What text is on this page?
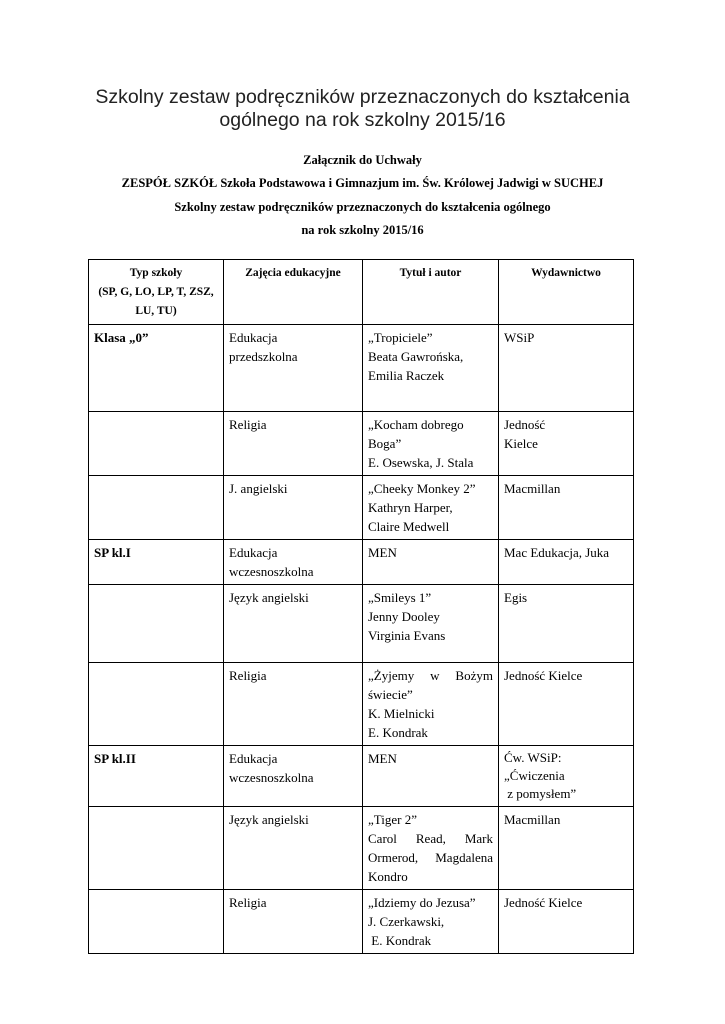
Szkolny zestaw podręczników przeznaczonych do kształcenia
ogólnego na rok szkolny 2015/16
Załącznik do Uchwały
ZESPÓŁ SZKÓŁ Szkoła Podstawowa i Gimnazjum im. Św. Królowej Jadwigi w SUCHEJ
Szkolny zestaw podręczników przeznaczonych do kształcenia ogólnego
na rok szkolny 2015/16
Typ szkoły
(SP, G, LO, LP, T, ZSZ,
LU, TU)	Zajęcia edukacyjne	Tytuł i autor	Wydawnictwo
Klasa „0”	Edukacja
przedszkolna	„Tropiciele”
Beata Gawrońska,
Emilia Raczek	WSiP

	Religia	„Kocham dobrego
Boga”
E. Osewska, J. Stala	Jedność
Kielce

	J. angielski	„Cheeky Monkey 2”
Kathryn Harper,
Claire Medwell	Macmillan

SP kl.I	Edukacja
wczesnoszkolna	MEN	Mac Edukacja, Juka

	Język angielski	„Smileys 1”
Jenny Dooley
Virginia Evans	Egis

	Religia	„Żyjemy w Bożym
świecie”
K. Mielnicki
E. Kondrak	Jedność Kielce

SP kl.II	Edukacja
wczesnoszkolna	MEN	Ćw. WSiP:
„Ćwiczenia
z pomysłem”

	Język angielski	„Tiger 2”
Carol Read, Mark
Ormerod, Magdalena
Kondro	Macmillan

	Religia	„Idziemy do Jezusa”
J. Czerkawski,
E. Kondrak	Jedność Kielce
